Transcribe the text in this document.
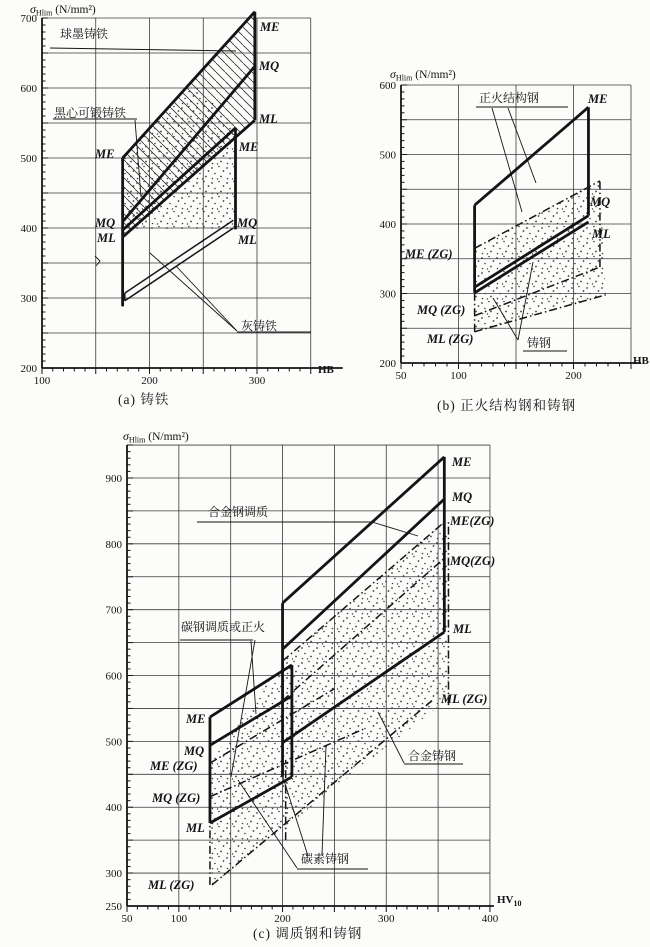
100	200	300
200
300
400
500
600
700
$\sigma_{Hlim}$ (N/mm²)
HB
球墨铸铁
黑心可锻铸铁
ME
MQ
ML
ME
MQ
ML
ME
MQ
ML
灰铸铁
(a) 铸铁
50	100	200
200
300
400
500
600
$\sigma_{Hlim}$ (N/mm²)
HB
正火结构钢	ME
MQ
ML
ME (ZG)
MQ (ZG)
ML (ZG)	铸钢
(b) 正火结构钢和铸钢
50	100	200	300	400
250
300
400
500
600
700
800
900
$\sigma_{Hlim}$ (N/mm²)
$HV_{10}$
合金钢调质
碳钢调质或正火
ME
MQ
ME(ZG)
MQ(ZG)
ML
ML (ZG)
ME
MQ
ME (ZG)
MQ (ZG)
ML
ML (ZG)
合金铸钢
碳素铸钢
(c) 调质钢和铸钢
